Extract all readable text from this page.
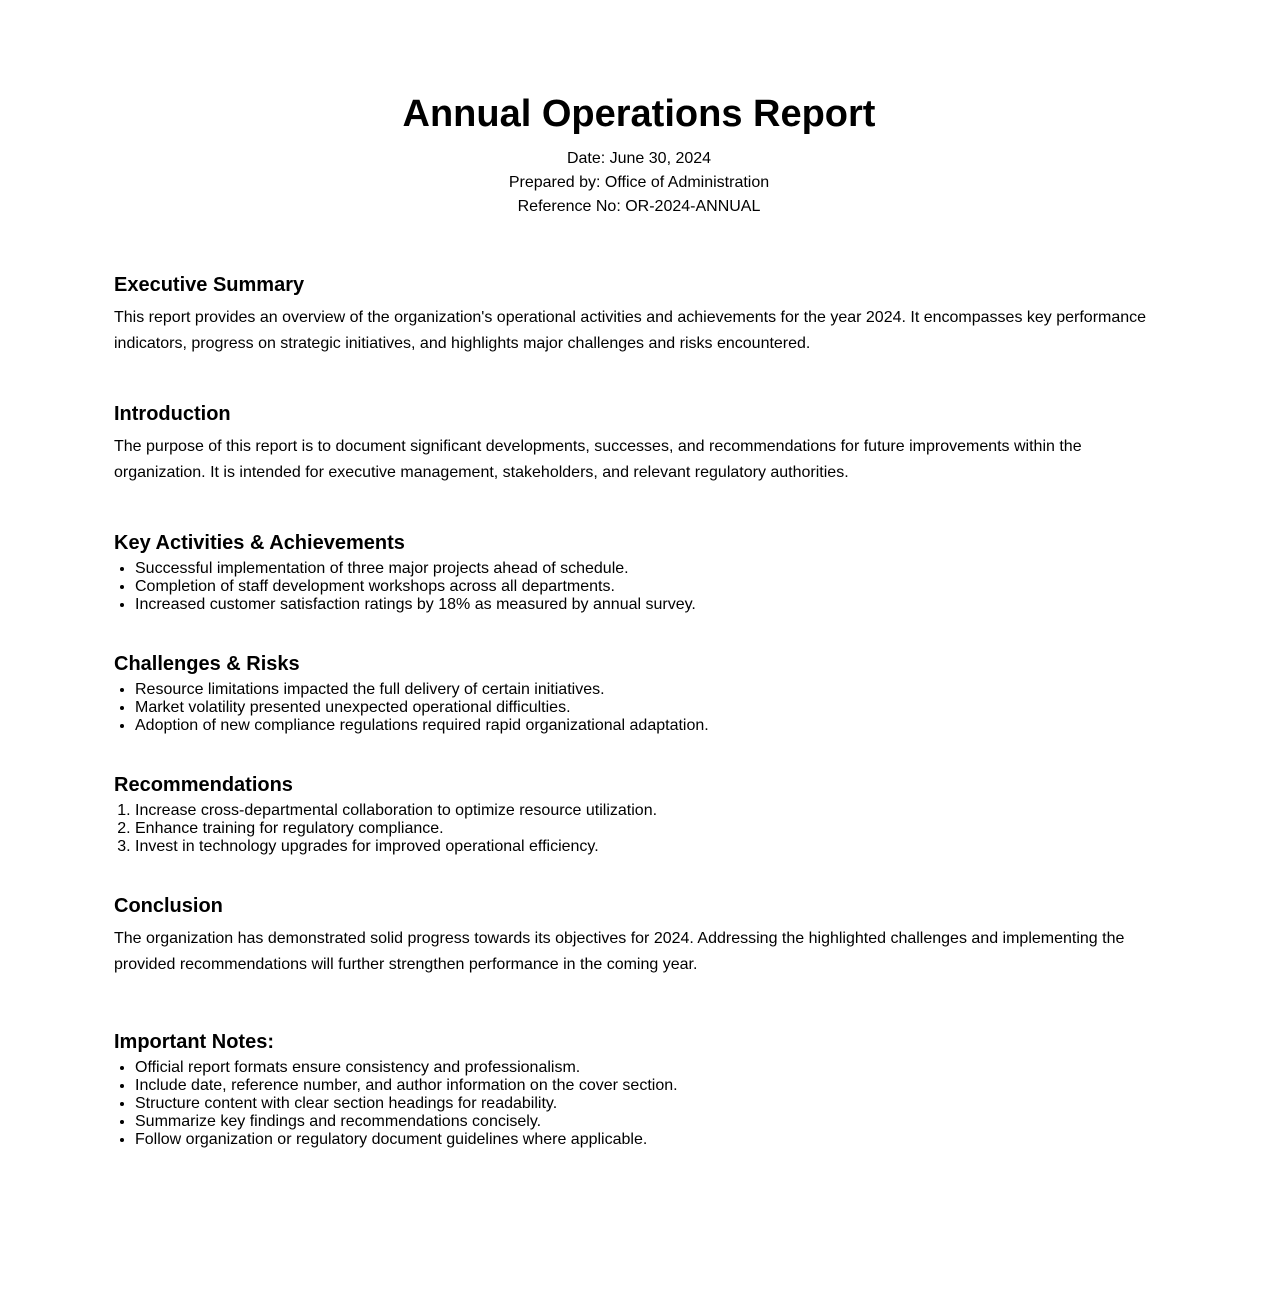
Annual Operations Report
Date: June 30, 2024
Prepared by: Office of Administration
Reference No: OR-2024-ANNUAL
Executive Summary

This report provides an overview of the organization's operational activities and achievements for the year 2024. It encompasses key performance indicators, progress on strategic initiatives, and highlights major challenges and risks encountered.

Introduction

The purpose of this report is to document significant developments, successes, and recommendations for future improvements within the organization. It is intended for executive management, stakeholders, and relevant regulatory authorities.

Key Activities & Achievements
• Successful implementation of three major projects ahead of schedule.
• Completion of staff development workshops across all departments.
• Increased customer satisfaction ratings by 18% as measured by annual survey.
Challenges & Risks
• Resource limitations impacted the full delivery of certain initiatives.
• Market volatility presented unexpected operational difficulties.
• Adoption of new compliance regulations required rapid organizational adaptation.
Recommendations
1. Increase cross-departmental collaboration to optimize resource utilization.
2. Enhance training for regulatory compliance.
3. Invest in technology upgrades for improved operational efficiency.
Conclusion

The organization has demonstrated solid progress towards its objectives for 2024. Addressing the highlighted challenges and implementing the provided recommendations will further strengthen performance in the coming year.

Important Notes:
• Official report formats ensure consistency and professionalism.
• Include date, reference number, and author information on the cover section.
• Structure content with clear section headings for readability.
• Summarize key findings and recommendations concisely.
• Follow organization or regulatory document guidelines where applicable.
